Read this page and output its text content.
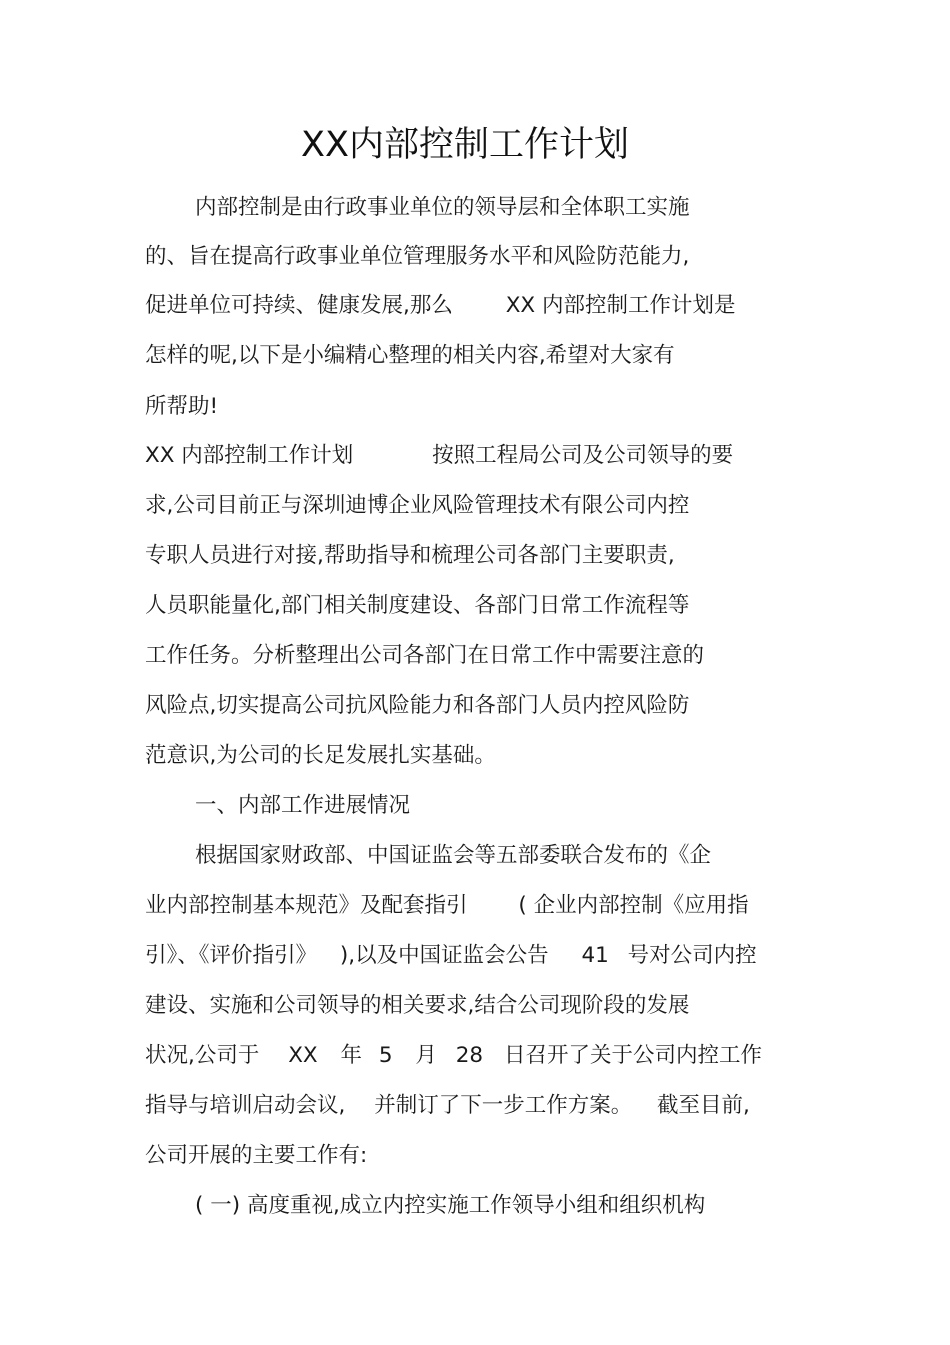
XX内部控制工作计划
内部控制是由行政事业单位的领导层和全体职工实施
的、旨在提高行政事业单位管理服务水平和风险防范能力,
促进单位可持续、健康发展,那么 XX 内部控制工作计划是
怎样的呢,以下是小编精心整理的相关内容,希望对大家有
所帮助!
XX 内部控制工作计划	按照工程局公司及公司领导的要
求,公司目前正与深圳迪博企业风险管理技术有限公司内控
专职人员进行对接,帮助指导和梳理公司各部门主要职责,
人员职能量化,部门相关制度建设、各部门日常工作流程等
工作任务。分析整理出公司各部门在日常工作中需要注意的
风险点,切实提高公司抗风险能力和各部门人员内控风险防
范意识,为公司的长足发展扎实基础。
一、内部工作进展情况
根据国家财政部、中国证监会等五部委联合发布的《企
业内部控制基本规范》及配套指引 ( 企业内部控制《应用指
引》、《评价指引》 ),以及中国证监会公告 41 号对公司内控
建设、实施和公司领导的相关要求,结合公司现阶段的发展
状况,公司于 XX 年 5 月 28 日召开了关于公司内控工作
指导与培训启动会议, 并制订了下一步工作方案。 截至目前,
公司开展的主要工作有:
( 一) 高度重视,成立内控实施工作领导小组和组织机构
